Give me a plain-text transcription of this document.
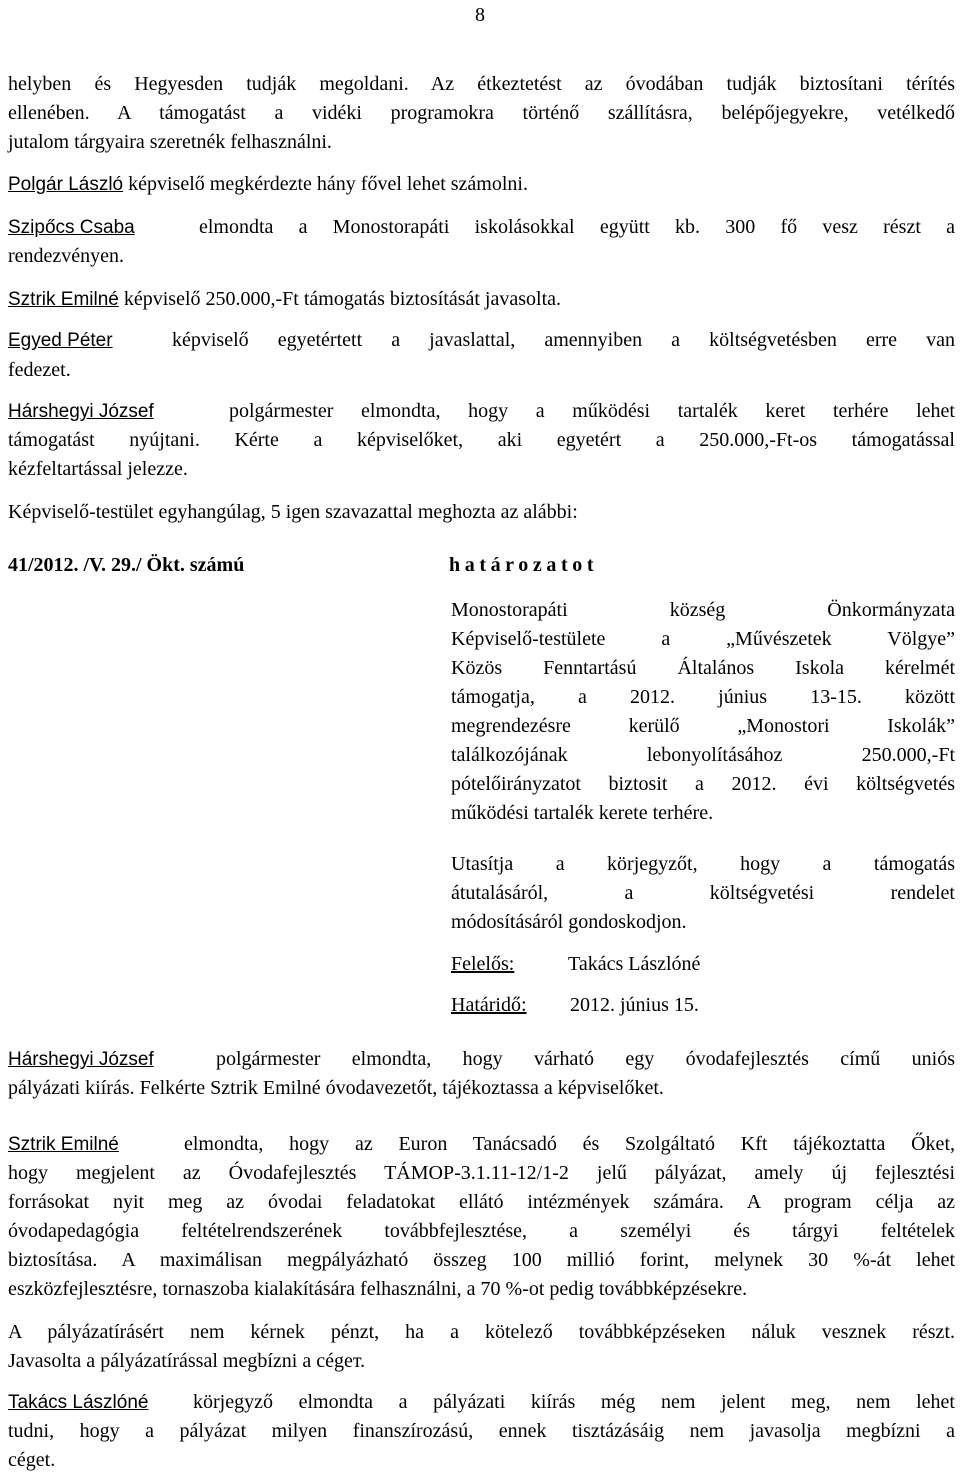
8
helyben és Hegyesden tudják megoldani. Az étkeztetést az óvodában tudják biztosítani térítés
ellenében. A támogatást a vidéki programokra történő szállításra, belépőjegyekre, vetélkedő
jutalom tárgyaira szeretnék felhasználni.
Polgár László képviselő megkérdezte hány fővel lehet számolni.
Szipőcs Csaba	elmondta a Monostorapáti iskolásokkal együtt kb. 300 fő vesz részt a
rendezvényen.
Sztrik Emilné képviselő 250.000,-Ft támogatás biztosítását javasolta.
Egyed Péter	képviselő egyetértett a javaslattal, amennyiben a költségvetésben erre van
fedezet.
Hárshegyi József	polgármester elmondta, hogy a működési tartalék keret terhére lehet
támogatást nyújtani. Kérte a képviselőket, aki egyetért a 250.000,-Ft-os támogatással
kézfeltartással jelezze.
Képviselő-testület egyhangúlag, 5 igen szavazattal meghozta az alábbi:
41/2012. /V. 29./ Ökt. számú	határozatot
Monostorapáti község Önkormányzata
Képviselő-testülete a „Művészetek Völgye”
Közös Fenntartású Általános Iskola kérelmét
támogatja, a 2012. június 13-15. között
megrendezésre kerülő „Monostori Iskolák”
találkozójának lebonyolításához 250.000,-Ft
pótelőirányzatot biztosit a 2012. évi költségvetés
működési tartalék kerete terhére.
Utasítja a körjegyzőt, hogy a támogatás
átutalásáról, a költségvetési rendelet
módosításáról gondoskodjon.
Felelős:	Takács Lászlóné
Határidő: 2012. június 15.
Hárshegyi József	polgármester elmondta, hogy várható egy óvodafejlesztés című uniós
pályázati kiírás. Felkérte Sztrik Emilné óvodavezetőt, tájékoztassa a képviselőket.
Sztrik Emilné	elmondta, hogy az Euron Tanácsadó és Szolgáltató Kft tájékoztatta Őket,
hogy megjelent az Óvodafejlesztés TÁMOP-3.1.11-12/1-2 jelű pályázat, amely új fejlesztési
forrásokat nyit meg az óvodai feladatokat ellátó intézmények számára. A program célja az
óvodapedagógia feltételrendszerének továbbfejlesztése, a személyi és tárgyi feltételek
biztosítása. A maximálisan megpályázható összeg 100 millió forint, melynek 30 %-át lehet
eszközfejlesztésre, tornaszoba kialakítására felhasználni, a 70 %-ot pedig továbbképzésekre.
A pályázatírásért nem kérnek pénzt, ha a kötelező továbbképzéseken náluk vesznek részt.
Javasolta a pályázatírással megbízni a cégет.
Takács Lászlóné körjegyző elmondta a pályázati kiírás még nem jelent meg, nem lehet
tudni, hogy a pályázat milyen finanszírozású, ennek tisztázásáig nem javasolja megbízni a
céget.
